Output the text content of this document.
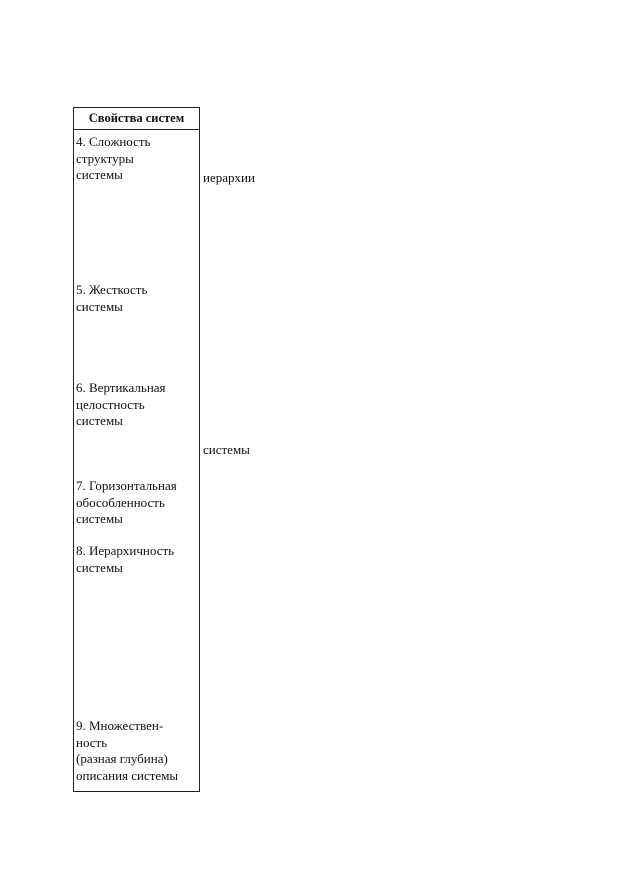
Свойства систем
4. Сложность
структуры
системы
5. Жесткость
системы
6. Вертикальная
целостность
системы
7. Горизонтальная
обособленность
системы
8. Иерархичность
системы
9. Множествен-
ность
(разная глубина)
описания системы
иерархии
системы
